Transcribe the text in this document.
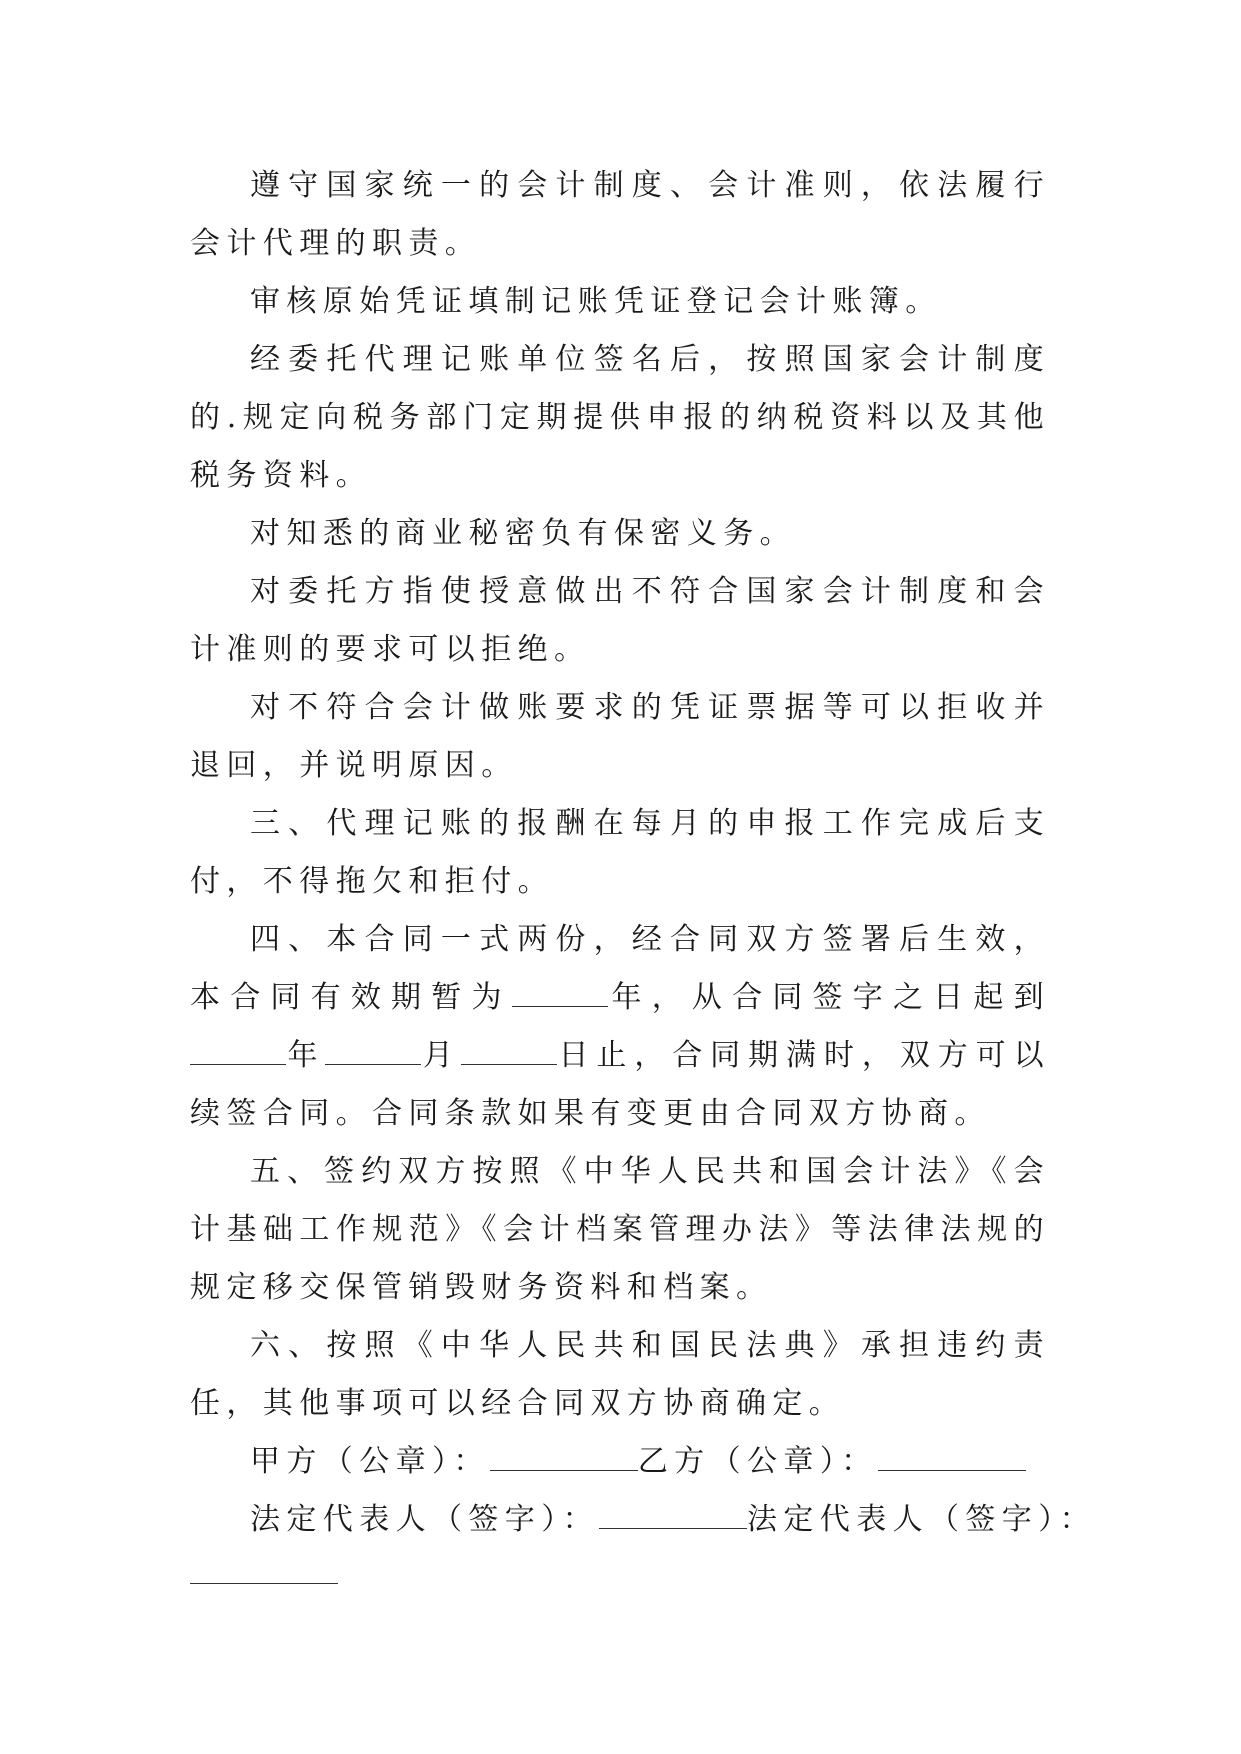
遵守国家统一的会计制度、会计准则，依法履行会计代理的职责。

审核原始凭证填制记账凭证登记会计账簿。

经委托代理记账单位签名后，按照国家会计制度的.规定向税务部门定期提供申报的纳税资料以及其他税务资料。

对知悉的商业秘密负有保密义务。

对委托方指使授意做出不符合国家会计制度和会计准则的要求可以拒绝。

对不符合会计做账要求的凭证票据等可以拒收并退回，并说明原因。

三、代理记账的报酬在每月的申报工作完成后支付，不得拖欠和拒付。

四、本合同一式两份，经合同双方签署后生效，本合同有效期暂为	年，从合同签字之日起到年	月	日止，合同期满时，双方可以续签合同。合同条款如果有变更由合同双方协商。

五、签约双方按照《中华人民共和国会计法》《会计基础工作规范》《会计档案管理办法》等法律法规的规定移交保管销毁财务资料和档案。

六、按照《中华人民共和国民法典》承担违约责任，其他事项可以经合同双方协商确定。

甲方（公章）：	乙方（公章）：

法定代表人（签字）：	法定代表人（签字）：
